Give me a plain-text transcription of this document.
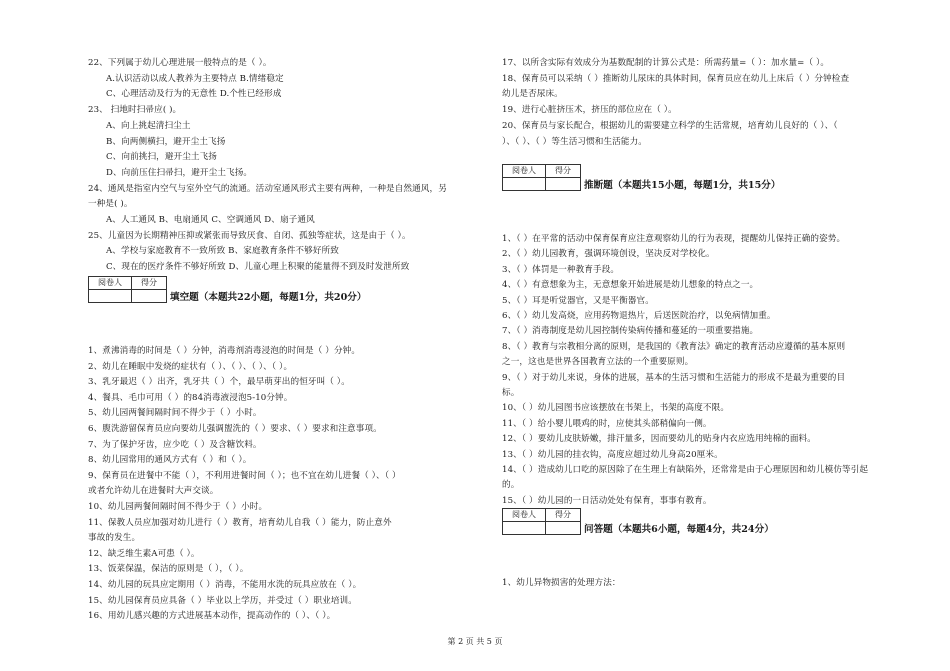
22、下列属于幼儿心理进展一般特点的是（ ）。
A.认识活动以成人教养为主要特点 B.情绪稳定
C、心理活动及行为的无意性 D.个性已经形成
23、 扫地时扫帚应( )。
A、向上挑起清扫尘土
B、向两侧横扫，避开尘土飞扬
C、向前挑扫，避开尘土飞扬
D、向前压住扫帚扫，避开尘土飞扬。
24、通风是指室内空气与室外空气的流通。活动室通风形式主要有两种，一种是自然通风，另
一种是( )。
A、人工通风 B、电扇通风 C、空调通风 D、扇子通风
25、儿童因为长期精神压抑或紧张而导致厌食、自闭、孤独等症状，这是由于（ ）。
A、学校与家庭教育不一致所致 B、家庭教育条件不够好所致
C、现在的医疗条件不够好所致 D、儿童心理上积聚的能量得不到及时发泄所致
阅卷人	得分

填空题（本题共22小题，每题1分，共20分）
1、煮沸消毒的时间是（ ）分钟，消毒剂消毒浸泡的时间是（ ）分钟。
2、幼儿在睡眠中发烧的症状有（ ）、（ ）、（ ）、（ ）。
3、乳牙最迟（ ）出齐，乳牙共（ ）个，最早萌芽出的恒牙叫（ ）。
4、餐具、毛巾可用（ ）的84消毒液浸泡5-10分钟。
5、幼儿园两餐间隔时间不得少于（ ）小时。
6、腹洗游留保育员应向要幼儿强调盥洗的（ ）要求、（ ）要求和注意事项。
7、为了保护牙齿，应少吃（ ）及含糖饮料。
8、幼儿园常用的通风方式有（ ）和（ ）。
9、保育员在进餐中不能（ ），不利用进餐时间（ ）；也不宜在幼儿进餐（ ）、（ ）
或者允许幼儿在进餐时大声交谈。
10、幼儿园两餐间隔时间不得少于（ ）小时。
11、保教人员应加强对幼儿进行（ ）教育，培育幼儿自我（ ）能力，防止意外
事故的发生。
12、缺乏维生素A可患（ ）。
13、饭菜保温，保洁的原则是（ ），（ ）。
14、幼儿园的玩具应定期用（ ）消毒，不能用水洗的玩具应放在（ ）。
15、幼儿园保育员应具备（ ）毕业以上学历，并受过（ ）职业培训。
16、用幼儿感兴趣的方式进展基本动作，提高动作的（ ）、（ ）。
17、以所含实际有效成分为基数配制的计算公式是：所需药量=（ ）：加水量=（ ）。
18、保育员可以采纳（ ）推断幼儿尿床的具体时间，保育员应在幼儿上床后（ ）分钟检查
幼儿是否尿床。
19、进行心脏挤压术，挤压的部位应在（ ）。
20、保育员与家长配合，根据幼儿的需要建立科学的生活常规，培育幼儿良好的（ ）、（
）、（ ）、（ ）等生活习惯和生活能力。
阅卷人	得分

推断题（本题共15小题，每题1分，共15分）
1、（ ）在平常的活动中保育保育应注意观察幼儿的行为表现，提醒幼儿保持正确的姿势。
2、（ ）幼儿园教育，强调环境创设，坚决反对学校化。
3、（ ）体罚是一种教育手段。
4、（ ）有意想象为主，无意想象开始进展是幼儿想象的特点之一。
5、（ ）耳是听觉器官，又是平衡器官。
6、（ ）幼儿发高烧，应用药物退热片，后送医院治疗，以免病情加重。
7、（ ）消毒制度是幼儿园控制传染病传播和蔓延的一项重要措施。
8、（ ）教育与宗教相分离的原则，是我国的《教育法》确定的教育活动应遵循的基本原则
之一，这也是世界各国教育立法的一个重要原则。
9、（ ）对于幼儿来说，身体的进展，基本的生活习惯和生活能力的形成不是最为重要的目
标。
10、（ ）幼儿园图书应该摆放在书架上，书架的高度不限。
11、（ ）给小婴儿喂鸡的时，应使其头部稍偏向一侧。
12、（ ）要幼儿皮肤娇嫩，排汗量多，因而要幼儿的贴身内衣应选用纯棉的面料。
13、（ ）幼儿园的挂衣钩，高度应超过幼儿身高20厘米。
14、（ ）造成幼儿口吃的原因除了在生理上有缺陷外，还常常是由于心理原因和幼儿模仿等引起
的。
15、（ ）幼儿园的一日活动处处有保育，事事有教育。
阅卷人	得分

问答题（本题共6小题，每题4分，共24分）
1、幼儿异物损害的处理方法：
第 2 页 共 5 页
